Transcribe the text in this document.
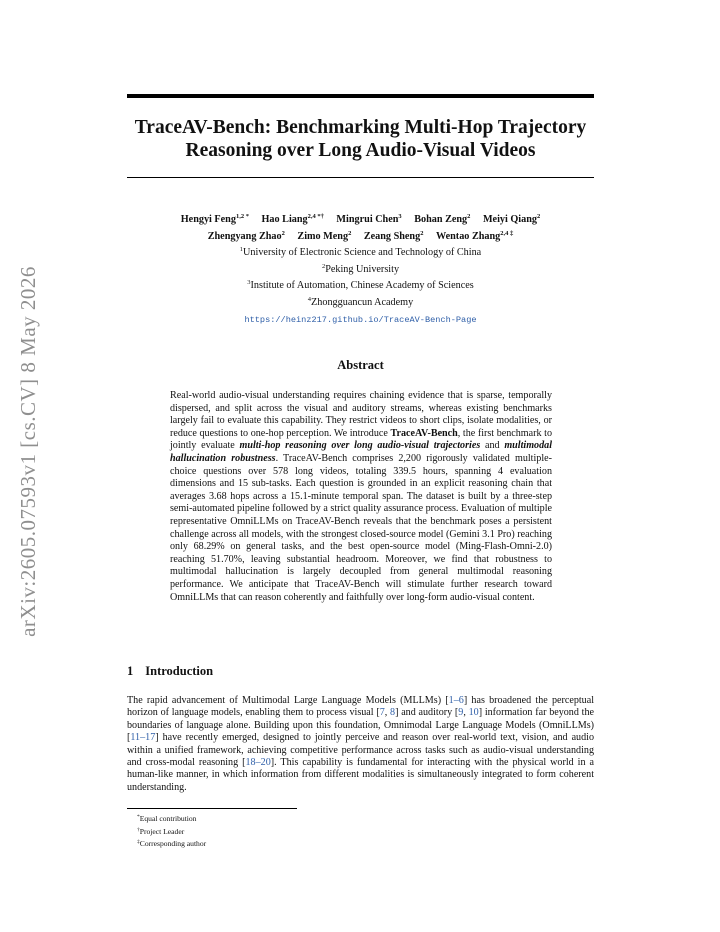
arXiv:2605.07593v1 [cs.CV] 8 May 2026
TraceAV-Bench: Benchmarking Multi-Hop Trajectory
Reasoning over Long Audio-Visual Videos
Hengyi Feng$^{1,2 *}$ Hao Liang$^{2,4 *\dagger}$ Mingrui Chen$^3$ Bohan Zeng$^2$ Meiyi Qiang$^2$
Zhengyang Zhao$^2$ Zimo Meng$^2$ Zeang Sheng$^2$ Wentao Zhang$^{2,4 \ddagger}$
$^1$University of Electronic Science and Technology of China
$^2$Peking University
$^3$Institute of Automation, Chinese Academy of Sciences
$^4$Zhongguancun Academy
https://heinz217.github.io/TraceAV-Bench-Page
Abstract
Real-world audio-visual understanding requires chaining evidence that is sparse, temporally dispersed, and split across the visual and auditory streams, whereas existing benchmarks largely fail to evaluate this capability. They restrict videos to short clips, isolate modalities, or reduce questions to one-hop perception. We introduce TraceAV-Bench, the first benchmark to jointly evaluate multi-hop reasoning over long audio-visual trajectories and multimodal hallucination robustness. TraceAV-Bench comprises 2,200 rigorously validated multiple-choice questions over 578 long videos, totaling 339.5 hours, spanning 4 evaluation dimensions and 15 sub-tasks. Each question is grounded in an explicit reasoning chain that averages 3.68 hops across a 15.1-minute temporal span. The dataset is built by a three-step semi-automated pipeline followed by a strict quality assurance process. Evaluation of multiple representative OmniLLMs on TraceAV-Bench reveals that the benchmark poses a persistent challenge across all models, with the strongest closed-source model (Gemini 3.1 Pro) reaching only 68.29% on general tasks, and the best open-source model (Ming-Flash-Omni-2.0) reaching 51.70%, leaving substantial headroom. Moreover, we find that robustness to multimodal hallucination is largely decoupled from general multimodal reasoning performance. We anticipate that TraceAV-Bench will stimulate further research toward OmniLLMs that can reason coherently and faithfully over long-form audio-visual content.
1 Introduction
The rapid advancement of Multimodal Large Language Models (MLLMs) [1–6] has broadened the perceptual horizon of language models, enabling them to process visual [7, 8] and auditory [9, 10] information far beyond the boundaries of language alone. Building upon this foundation, Omnimodal Large Language Models (OmniLLMs) [11–17] have recently emerged, designed to jointly perceive and reason over real-world text, vision, and audio within a unified framework, achieving competitive performance across tasks such as audio-visual understanding and cross-modal reasoning [18–20]. This capability is fundamental for interacting with the physical world in a human-like manner, in which information from different modalities is simultaneously integrated to form coherent understanding.
*Equal contribution
†Project Leader
‡Corresponding author
